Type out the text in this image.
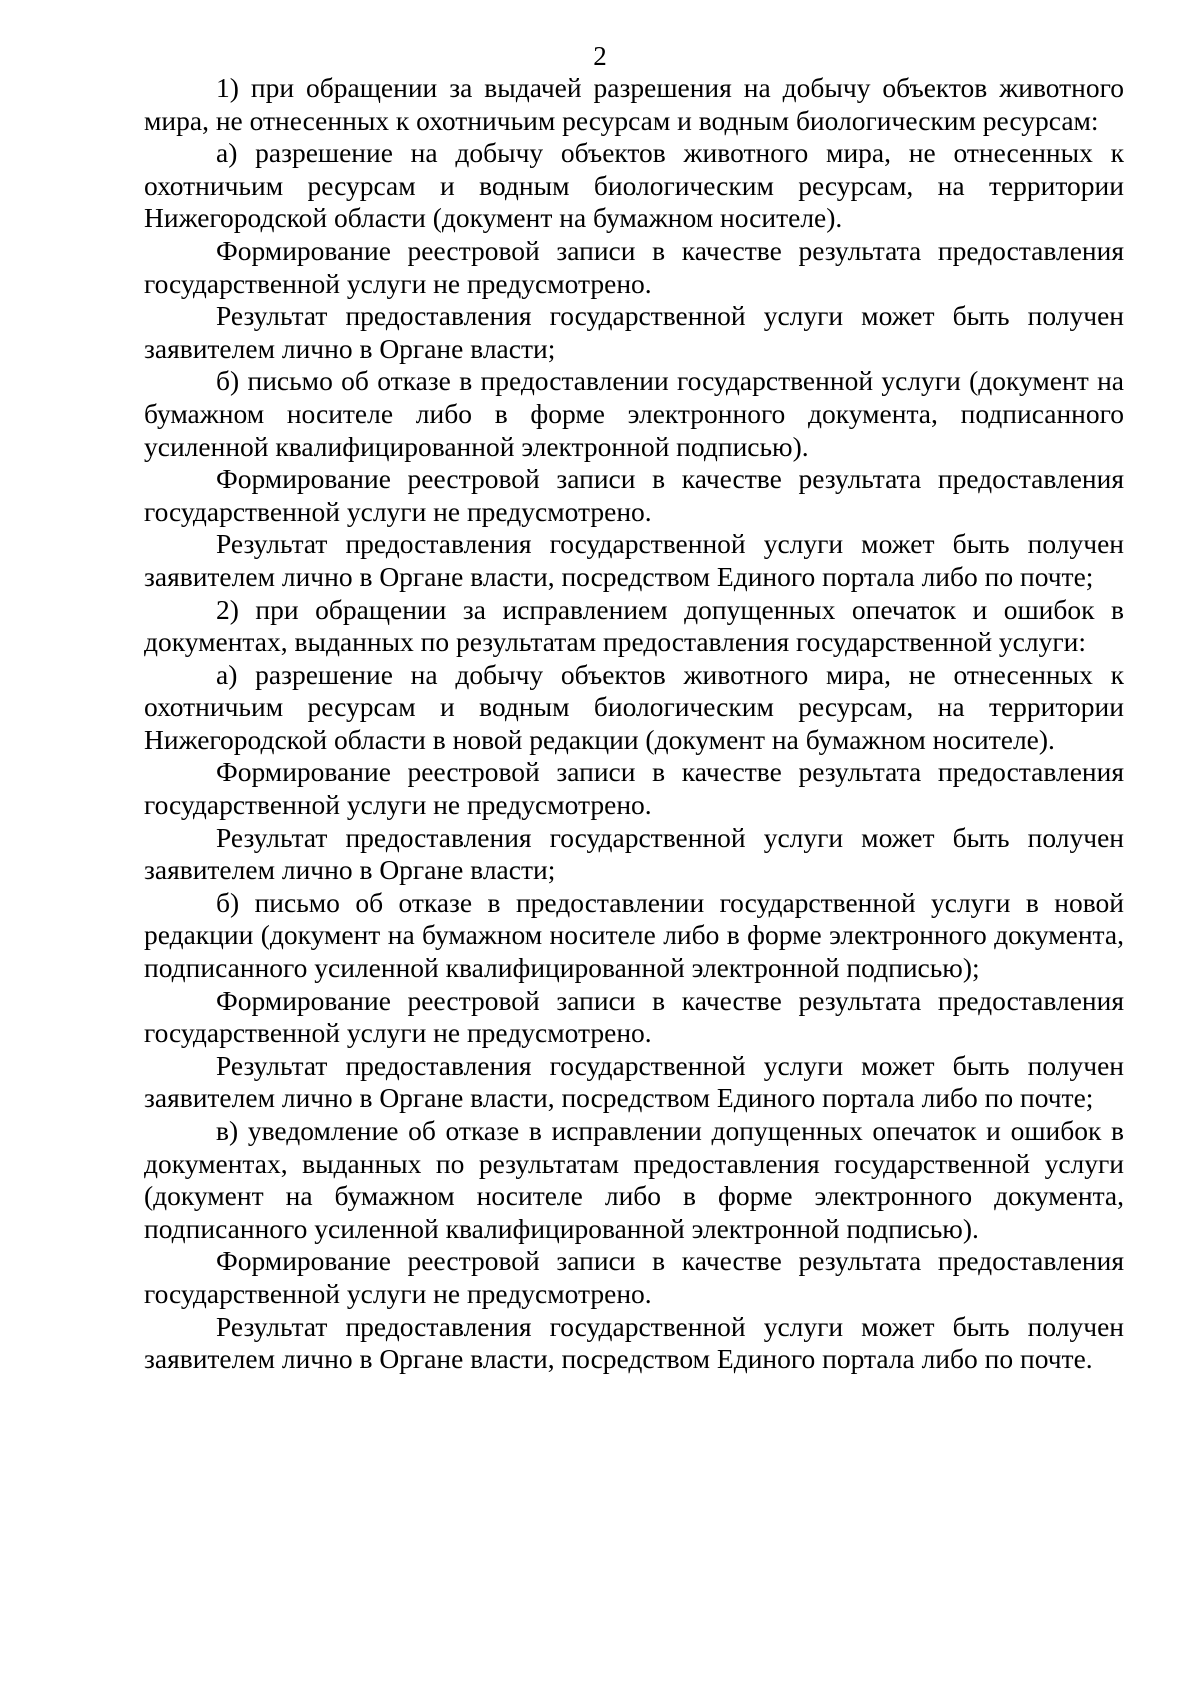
2

1) при обращении за выдачей разрешения на добычу объектов животного мира, не отнесенных к охотничьим ресурсам и водным биологическим ресурсам:

а) разрешение на добычу объектов животного мира, не отнесенных к охотничьим ресурсам и водным биологическим ресурсам, на территории Нижегородской области (документ на бумажном носителе).

Формирование реестровой записи в качестве результата предоставления государственной услуги не предусмотрено.

Результат предоставления государственной услуги может быть получен заявителем лично в Органе власти;

б) письмо об отказе в предоставлении государственной услуги (документ на бумажном носителе либо в форме электронного документа, подписанного усиленной квалифицированной электронной подписью).

Формирование реестровой записи в качестве результата предоставления государственной услуги не предусмотрено.

Результат предоставления государственной услуги может быть получен заявителем лично в Органе власти, посредством Единого портала либо по почте;

2) при обращении за исправлением допущенных опечаток и ошибок в документах, выданных по результатам предоставления государственной услуги:

а) разрешение на добычу объектов животного мира, не отнесенных к охотничьим ресурсам и водным биологическим ресурсам, на территории Нижегородской области в новой редакции (документ на бумажном носителе).

Формирование реестровой записи в качестве результата предоставления государственной услуги не предусмотрено.

Результат предоставления государственной услуги может быть получен заявителем лично в Органе власти;

б) письмо об отказе в предоставлении государственной услуги в новой редакции (документ на бумажном носителе либо в форме электронного документа, подписанного усиленной квалифицированной электронной подписью);

Формирование реестровой записи в качестве результата предоставления государственной услуги не предусмотрено.

Результат предоставления государственной услуги может быть получен заявителем лично в Органе власти, посредством Единого портала либо по почте;

в) уведомление об отказе в исправлении допущенных опечаток и ошибок в документах, выданных по результатам предоставления государственной услуги (документ на бумажном носителе либо в форме электронного документа, подписанного усиленной квалифицированной электронной подписью).

Формирование реестровой записи в качестве результата предоставления государственной услуги не предусмотрено.

Результат предоставления государственной услуги может быть получен заявителем лично в Органе власти, посредством Единого портала либо по почте.
